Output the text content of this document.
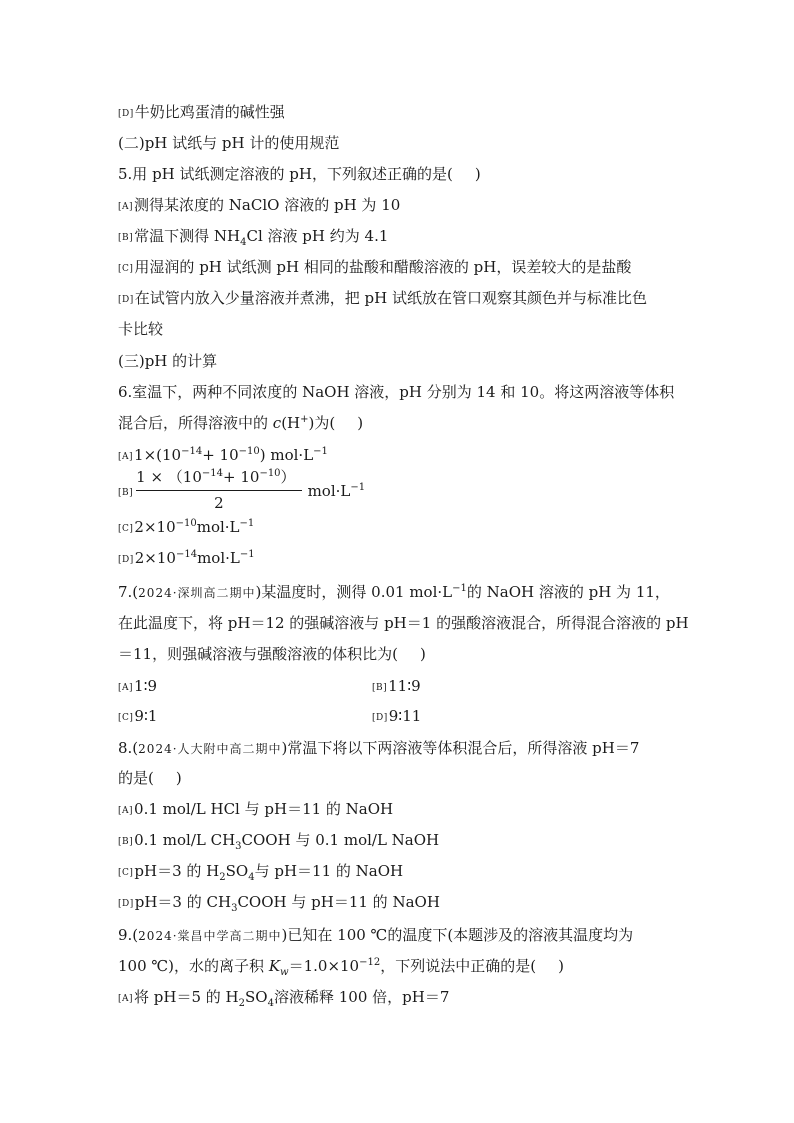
[D]牛奶比鸡蛋清的碱性强
(二)pH 试纸与 pH 计的使用规范
5.用 pH 试纸测定溶液的 pH，下列叙述正确的是( )
[A]测得某浓度的 NaClO 溶液的 pH 为 10
[B]常温下测得 $NH_4Cl$ 溶液 pH 约为 4.1
[C]用湿润的 pH 试纸测 pH 相同的盐酸和醋酸溶液的 pH，误差较大的是盐酸
[D]在试管内放入少量溶液并煮沸，把 pH 试纸放在管口观察其颜色并与标准比色
卡比较
(三)pH 的计算
6.室温下，两种不同浓度的 NaOH 溶液，pH 分别为 14 和 10。将这两溶液等体积
混合后，所得溶液中的 c(H+)为( )
$[A]1\times(10^{-14}+ 10^{-10})$ $mol\cdot L^{-1}$
$[B] \frac{1 \times (10^{-14}+ 10^{-10})}{2} mol\cdot L^{-1}$
$[C]2\times 10^{-10}mol\cdot L^{-1}$
$[D]2\times 10^{-14}mol\cdot L^{-1}$
7.(2024·深圳高二期中)某温度时，测得 0.01 $mol\cdot L^{-1}$的 NaOH 溶液的 pH 为 11，
在此温度下，将 pH＝12 的强碱溶液与 pH＝1 的强酸溶液混合，所得混合溶液的 pH
＝11，则强碱溶液与强酸溶液的体积比为( )
[A]1∶9	[B]11∶9
[C]9∶1	[D]9∶11
8.(2024·人大附中高二期中)常温下将以下两溶液等体积混合后，所得溶液 pH＝7
的是( )
[A]0.1 mol/L HCl 与 pH＝11 的 NaOH
[B]0.1 mol/L $CH_3COOH$ 与 0.1 mol/L NaOH
[C]pH＝3 的 $H_2SO_4$与 pH＝11 的 NaOH
[D]pH＝3 的 $CH_3COOH$ 与 pH＝11 的 NaOH
9.(2024·棠昌中学高二期中)已知在 100 ℃的温度下(本题涉及的溶液其温度均为
100 ℃)，水的离子积 $K_w=1.0\times 10^{-12}$，下列说法中正确的是( )
[A]将 pH＝5 的 $H_2SO_4$溶液稀释 100 倍，pH＝7
